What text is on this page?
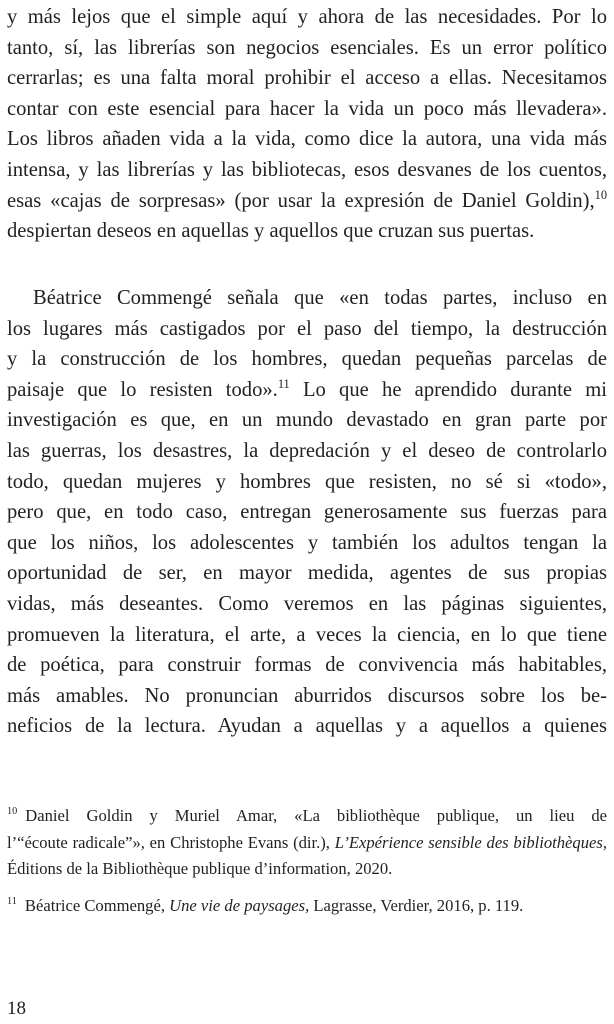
y más lejos que el simple aquí y ahora de las necesidades. Por lo
tanto, sí, las librerías son negocios esenciales. Es un error político
cerrarlas; es una falta moral prohibir el acceso a ellas. Necesitamos
contar con este esencial para hacer la vida un poco más llevadera».
Los libros añaden vida a la vida, como dice la autora, una vida más
intensa, y las librerías y las bibliotecas, esos desvanes de los cuentos,
esas «cajas de sorpresas» (por usar la expresión de Daniel Goldin),$^{10}$
despiertan deseos en aquellas y aquellos que cruzan sus puertas.
Béatrice Commengé señala que «en todas partes, incluso en
los lugares más castigados por el paso del tiempo, la destrucción
y la construcción de los hombres, quedan pequeñas parcelas de
paisaje que lo resisten todo».$^{11}$ Lo que he aprendido durante mi
investigación es que, en un mundo devastado en gran parte por
las guerras, los desastres, la depredación y el deseo de controlarlo
todo, quedan mujeres y hombres que resisten, no sé si «todo»,
pero que, en todo caso, entregan generosamente sus fuerzas para
que los niños, los adolescentes y también los adultos tengan la
oportunidad de ser, en mayor medida, agentes de sus propias
vidas, más deseantes. Como veremos en las páginas siguientes,
promueven la literatura, el arte, a veces la ciencia, en lo que tiene
de poética, para construir formas de convivencia más habitables,
más amables. No pronuncian aburridos discursos sobre los be-
neficios de la lectura. Ayudan a aquellas y a aquellos a quienes
$^{10}$ Daniel Goldin y Muriel Amar, «La bibliothèque publique, un lieu de
l’“écoute radicale”», en Christophe Evans (dir.), L’Expérience sensible des bibliothèques,
Éditions de la Bibliothèque publique d’information, 2020.
$^{11}$ Béatrice Commengé, Une vie de paysages, Lagrasse, Verdier, 2016, p. 119.
18
